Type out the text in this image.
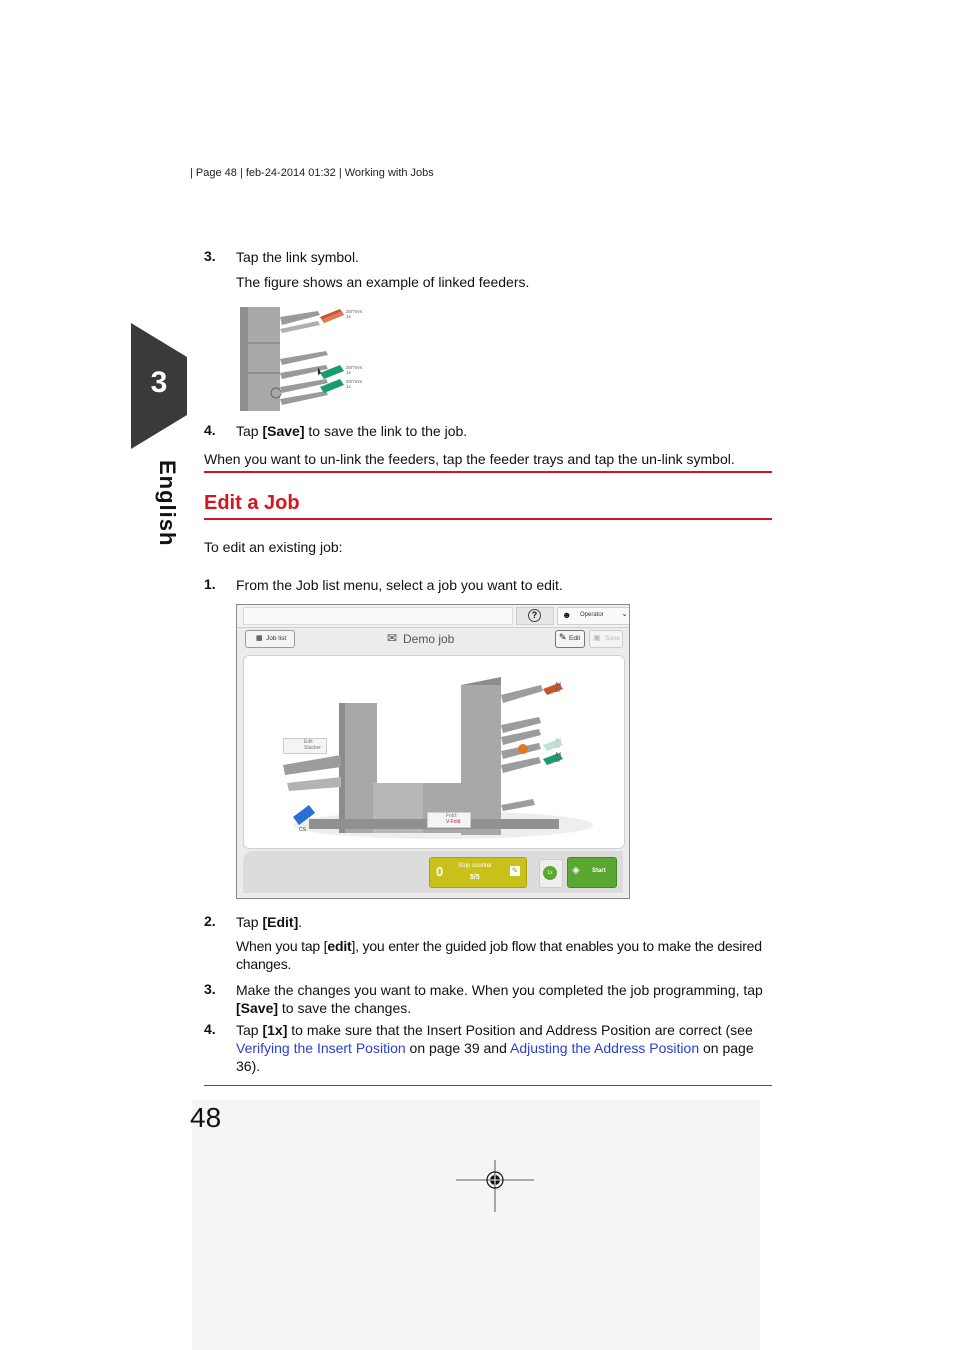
| Page 48 | feb-24-2014 01:32 | Working with Jobs
3
English
3. Tap the link symbol.
The figure shows an example of linked feeders.
20/7mm
1x
20/7mm
1x
20/7mm
1x
4. Tap [Save] to save the link to the job.
When you want to un-link the feeders, tap the feeder trays and tap the un-link symbol.
Edit a Job
To edit an existing job:
1. From the Job list menu, select a job you want to edit.
?	☻ Operator ⌄
▦ Job list	✉ Demo job	✎ Edit ▣ Save
A4
1x
A3
1x
A4
1x
Edit
Stacker
CS
Fold:
V-Fold
0 Stop counter
5/5
✎	1x	◈ Start
2. Tap [Edit].
When you tap [edit], you enter the guided job flow that enables you to make the desired changes.
3. Make the changes you want to make. When you completed the job programming, tap [Save] to save the changes.
4. Tap [1x] to make sure that the Insert Position and Address Position are correct (see Verifying the Insert Position on page 39 and Adjusting the Address Position on page 36).
48
